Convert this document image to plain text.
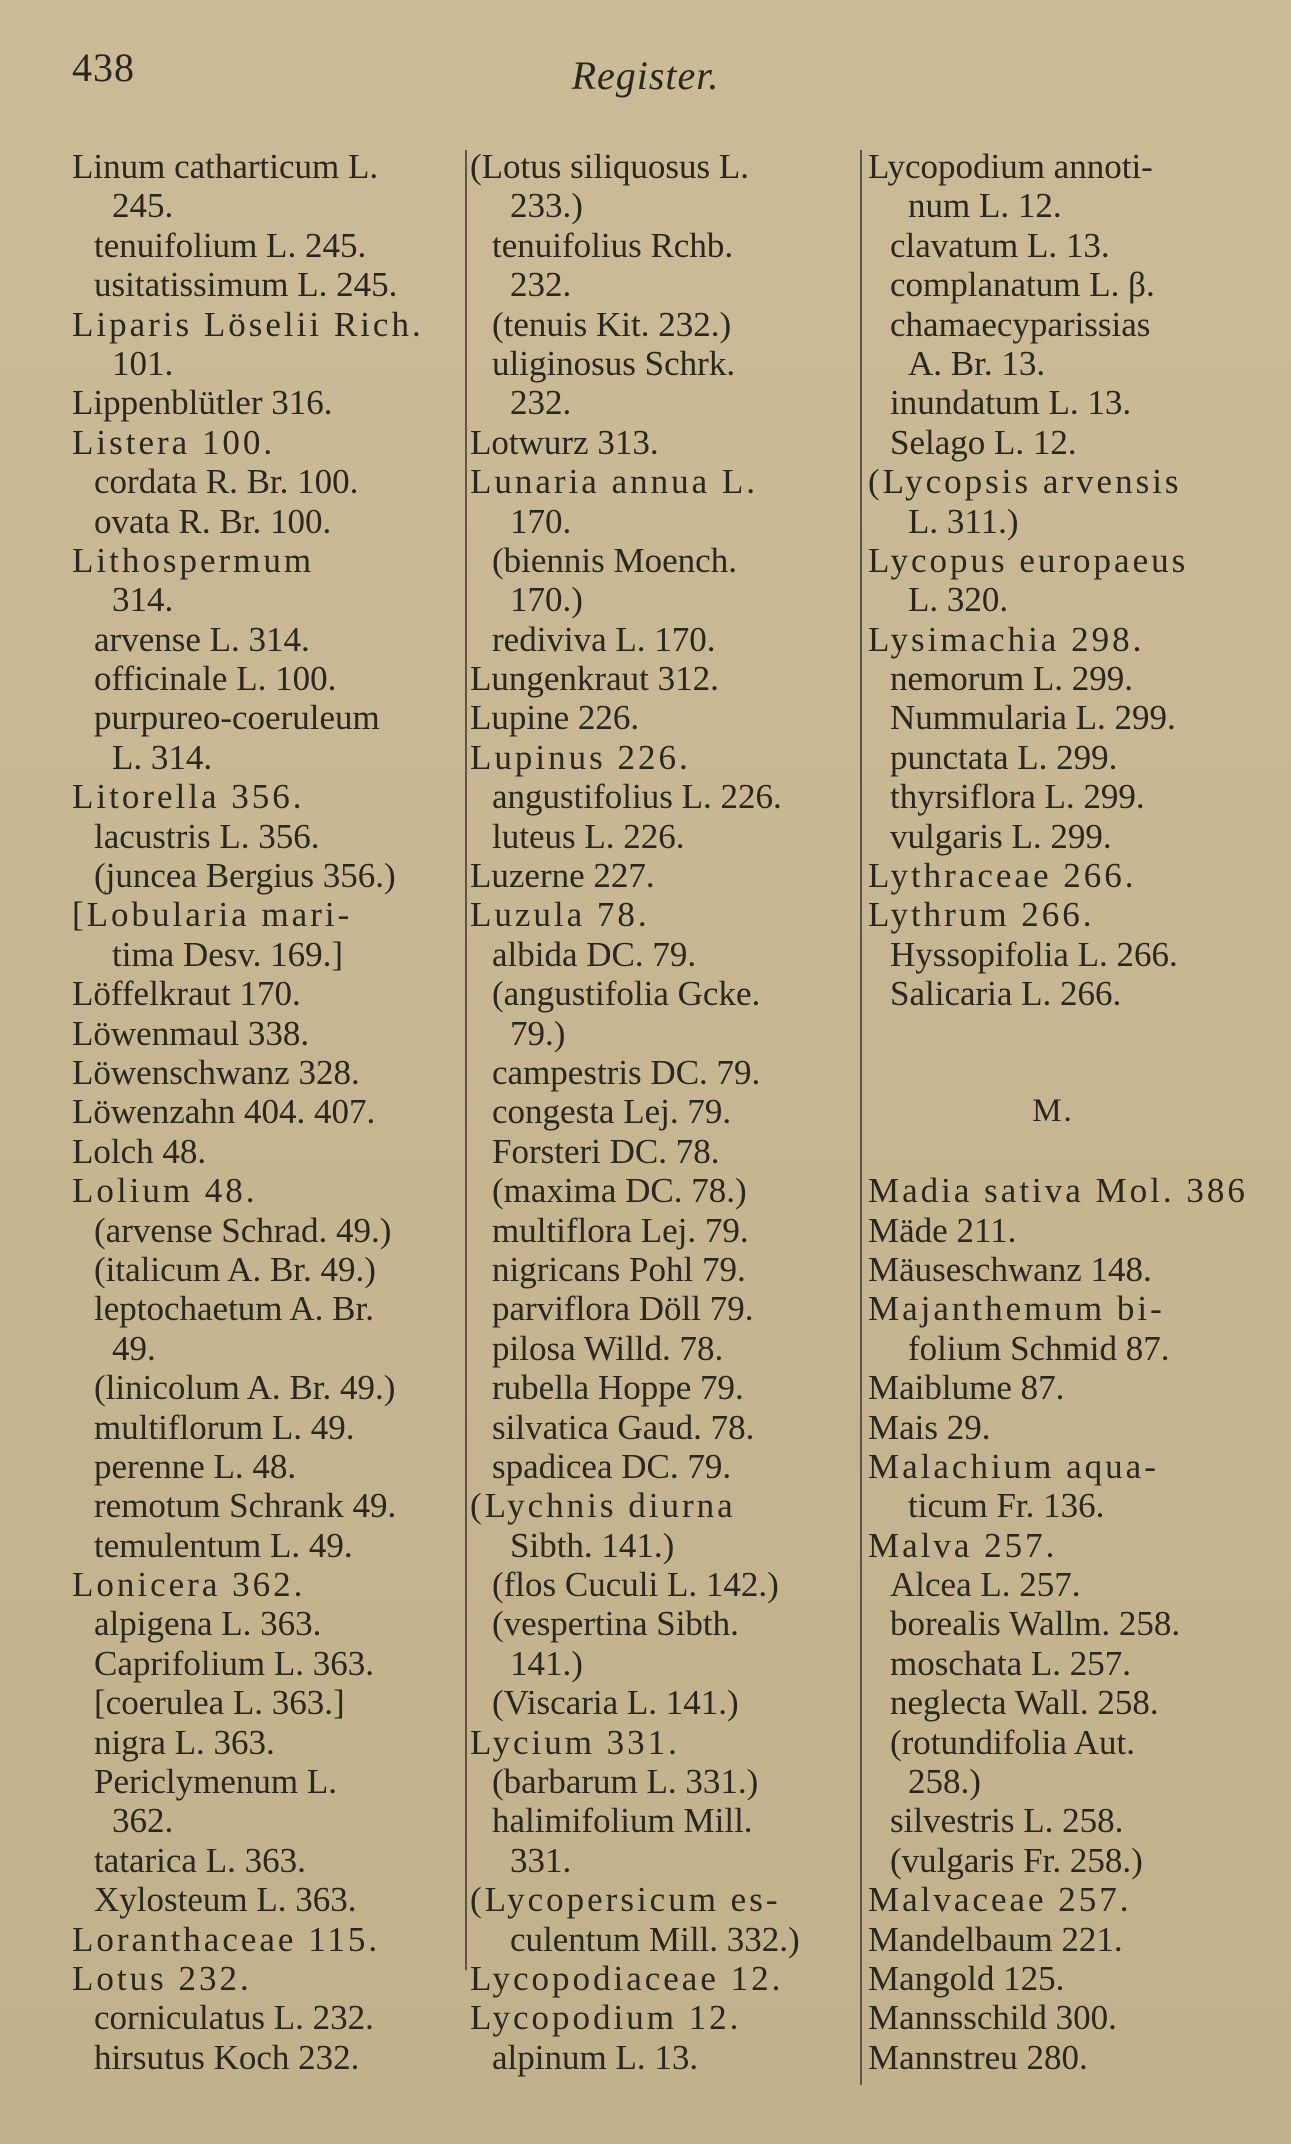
438	Register.
Linum catharticum L.
245.
tenuifolium L. 245.
usitatissimum L. 245.
Liparis Löselii Rich.
101.
Lippenblütler 316.
Listera 100.
cordata R. Br. 100.
ovata R. Br. 100.
Lithospermum
314.
arvense L. 314.
officinale L. 100.
purpureo-coeruleum
L. 314.
Litorella 356.
lacustris L. 356.
(juncea Bergius 356.)
[Lobularia mari-
tima Desv. 169.]
Löffelkraut 170.
Löwenmaul 338.
Löwenschwanz 328.
Löwenzahn 404. 407.
Lolch 48.
Lolium 48.
(arvense Schrad. 49.)
(italicum A. Br. 49.)
leptochaetum A. Br.
49.
(linicolum A. Br. 49.)
multiflorum L. 49.
perenne L. 48.
remotum Schrank 49.
temulentum L. 49.
Lonicera 362.
alpigena L. 363.
Caprifolium L. 363.
[coerulea L. 363.]
nigra L. 363.
Periclymenum L.
362.
tatarica L. 363.
Xylosteum L. 363.
Loranthaceae 115.
Lotus 232.
corniculatus L. 232.
hirsutus Koch 232.
(Lotus siliquosus L.
233.)
tenuifolius Rchb.
232.
(tenuis Kit. 232.)
uliginosus Schrk.
232.
Lotwurz 313.
Lunaria annua L.
170.
(biennis Moench.
170.)
rediviva L. 170.
Lungenkraut 312.
Lupine 226.
Lupinus 226.
angustifolius L. 226.
luteus L. 226.
Luzerne 227.
Luzula 78.
albida DC. 79.
(angustifolia Gcke.
79.)
campestris DC. 79.
congesta Lej. 79.
Forsteri DC. 78.
(maxima DC. 78.)
multiflora Lej. 79.
nigricans Pohl 79.
parviflora Döll 79.
pilosa Willd. 78.
rubella Hoppe 79.
silvatica Gaud. 78.
spadicea DC. 79.
(Lychnis diurna
Sibth. 141.)
(flos Cuculi L. 142.)
(vespertina Sibth.
141.)
(Viscaria L. 141.)
Lycium 331.
(barbarum L. 331.)
halimifolium Mill.
331.
(Lycopersicum es-
culentum Mill. 332.)
Lycopodiaceae 12.
Lycopodium 12.
alpinum L. 13.
Lycopodium annoti-
num L. 12.
clavatum L. 13.
complanatum L. β.
chamaecyparissias
A. Br. 13.
inundatum L. 13.
Selago L. 12.
(Lycopsis arvensis
L. 311.)
Lycopus europaeus
L. 320.
Lysimachia 298.
nemorum L. 299.
Nummularia L. 299.
punctata L. 299.
thyrsiflora L. 299.
vulgaris L. 299.
Lythraceae 266.
Lythrum 266.
Hyssopifolia L. 266.
Salicaria L. 266.
M.
Madia sativa Mol. 386
Mäde 211.
Mäuseschwanz 148.
Majanthemum bi-
folium Schmid 87.
Maiblume 87.
Mais 29.
Malachium aqua-
ticum Fr. 136.
Malva 257.
Alcea L. 257.
borealis Wallm. 258.
moschata L. 257.
neglecta Wall. 258.
(rotundifolia Aut.
258.)
silvestris L. 258.
(vulgaris Fr. 258.)
Malvaceae 257.
Mandelbaum 221.
Mangold 125.
Mannsschild 300.
Mannstreu 280.
